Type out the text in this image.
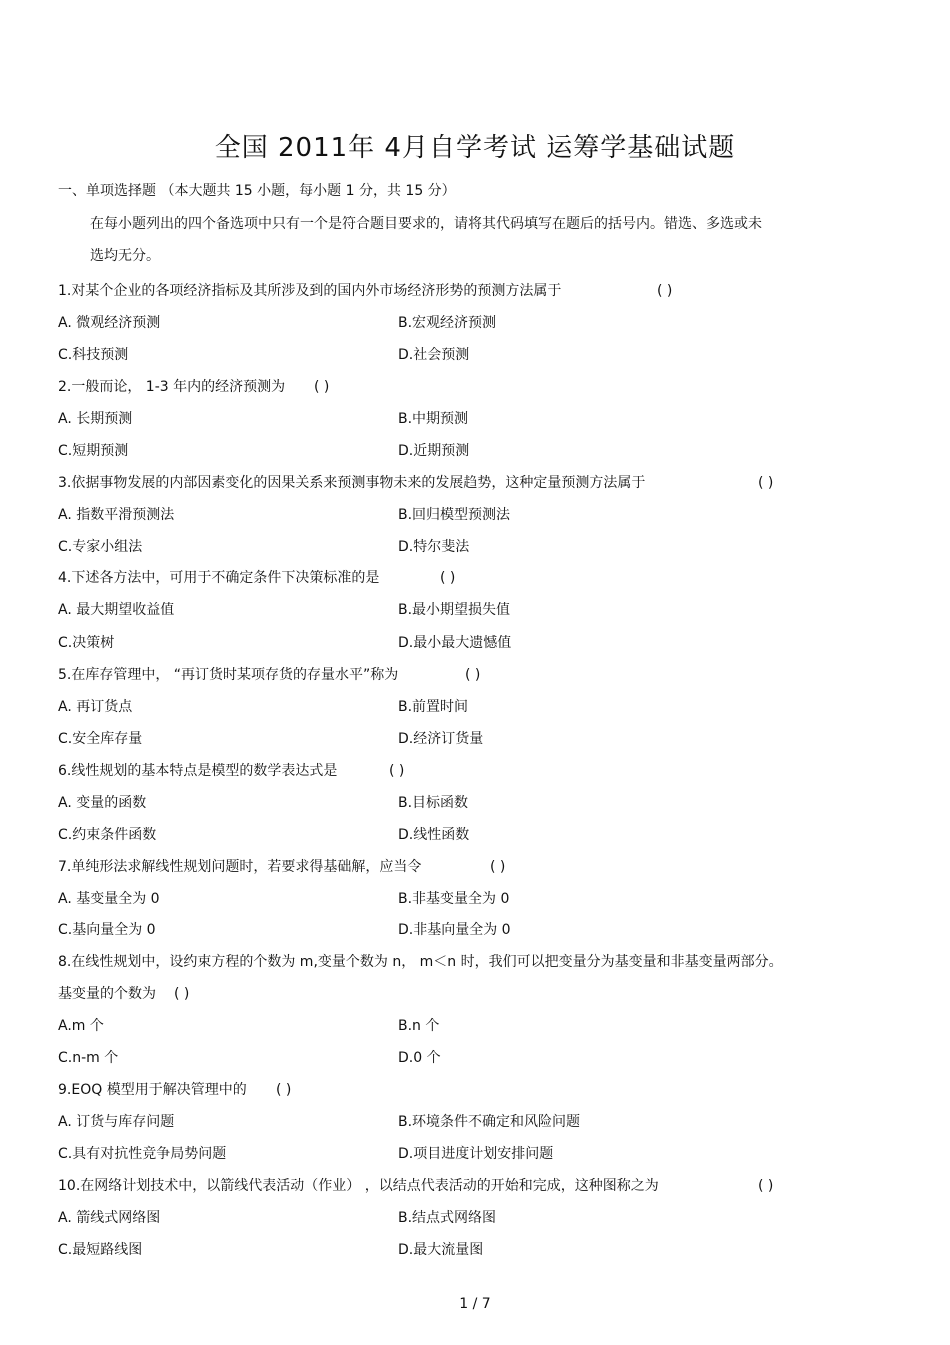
全国 2011年 4月自学考试 运筹学基础试题
一、单项选择题 （本大题共 15 小题，每小题 1 分，共 15 分）
在每小题列出的四个备选项中只有一个是符合题目要求的，请将其代码填写在题后的括号内。错选、多选或未
选均无分。
1.对某个企业的各项经济指标及其所涉及到的国内外市场经济形势的预测方法属于	( )
A. 微观经济预测	B.宏观经济预测
C.科技预测	D.社会预测
2.一般而论， 1-3 年内的经济预测为 ( )
A. 长期预测	B.中期预测
C.短期预测	D.近期预测
3.依据事物发展的内部因素变化的因果关系来预测事物未来的发展趋势，这种定量预测方法属于	( )
A. 指数平滑预测法	B.回归模型预测法
C.专家小组法	D.特尔斐法
4.下述各方法中，可用于不确定条件下决策标准的是	( )
A. 最大期望收益值	B.最小期望损失值
C.决策树	D.最小最大遗憾值
5.在库存管理中， “再订货时某项存货的存量水平”称为	( )
A. 再订货点	B.前置时间
C.安全库存量	D.经济订货量
6.线性规划的基本特点是模型的数学表达式是	( )
A. 变量的函数	B.目标函数
C.约束条件函数	D.线性函数
7.单纯形法求解线性规划问题时，若要求得基础解，应当令	( )
A. 基变量全为 0	B.非基变量全为 0
C.基向量全为 0	D.非基向量全为 0
8.在线性规划中，设约束方程的个数为 m,变量个数为 n， m＜n 时，我们可以把变量分为基变量和非基变量两部分。
基变量的个数为 ( )
A.m 个	B.n 个
C.n-m 个	D.0 个
9.EOQ 模型用于解决管理中的 ( )
A. 订货与库存问题	B.环境条件不确定和风险问题
C.具有对抗性竞争局势问题	D.项目进度计划安排问题
10.在网络计划技术中，以箭线代表活动（作业） ，以结点代表活动的开始和完成，这种图称之为	( )
A. 箭线式网络图	B.结点式网络图
C.最短路线图	D.最大流量图
1 / 7
